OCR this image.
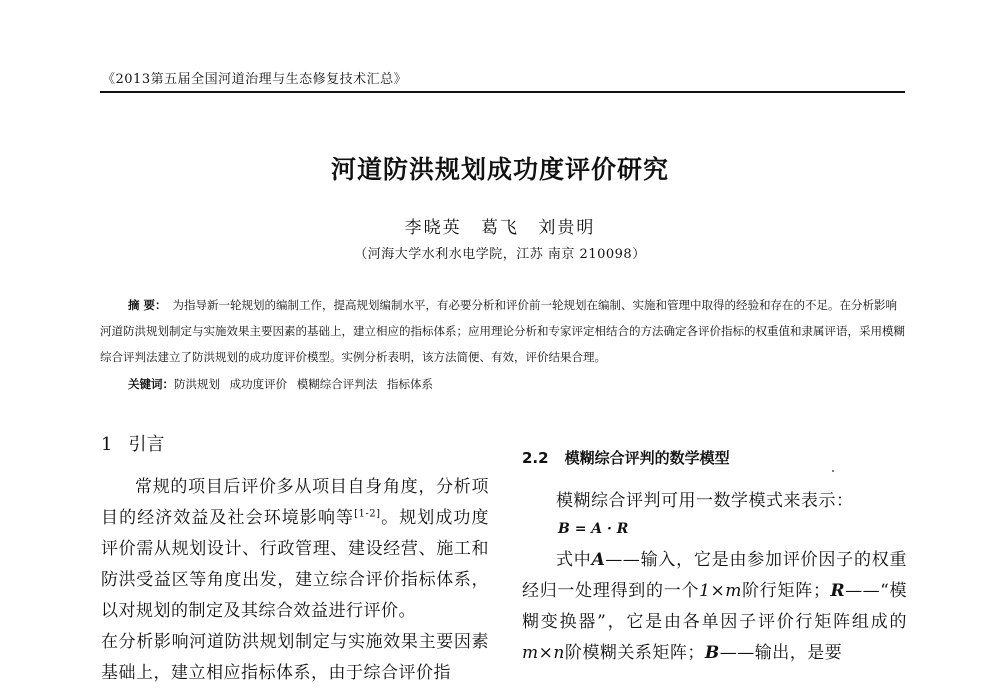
《2013第五届全国河道治理与生态修复技术汇总》
河道防洪规划成功度评价研究
李晓英 葛飞 刘贵明
（河海大学水利水电学院，江苏 南京 210098）
摘 要： 为指导新一轮规划的编制工作，提高规划编制水平，有必要分析和评价前一轮规划在编制、实施和管理中取得的经验和存在的不足。在分析影响河道防洪规划制定与实施效果主要因素的基础上，建立相应的指标体系；应用理论分析和专家评定相结合的方法确定各评价指标的权重值和隶属评语，采用模糊综合评判法建立了防洪规划的成功度评价模型。实例分析表明，该方法简便、有效，评价结果合理。
关键词：防洪规划 成功度评价 模糊综合评判法 指标体系
1 引言
常规的项目后评价多从项目自身角度，分析项目的经济效益及社会环境影响等[1-2]。规划成功度评价需从规划设计、行政管理、建设经营、施工和防洪受益区等角度出发，建立综合评价指标体系，以对规划的制定及其综合效益进行评价。
在分析影响河道防洪规划制定与实施效果主要因素基础上，建立相应指标体系，由于综合评价指
2.2 模糊综合评判的数学模型
模糊综合评判可用一数学模式来表示：
B = A · R
式中A——输入，它是由参加评价因子的权重经归一处理得到的一个1×m阶行矩阵；R——“模糊变换器”，它是由各单因子评价行矩阵组成的m×n阶模糊关系矩阵；B——输出，是要
